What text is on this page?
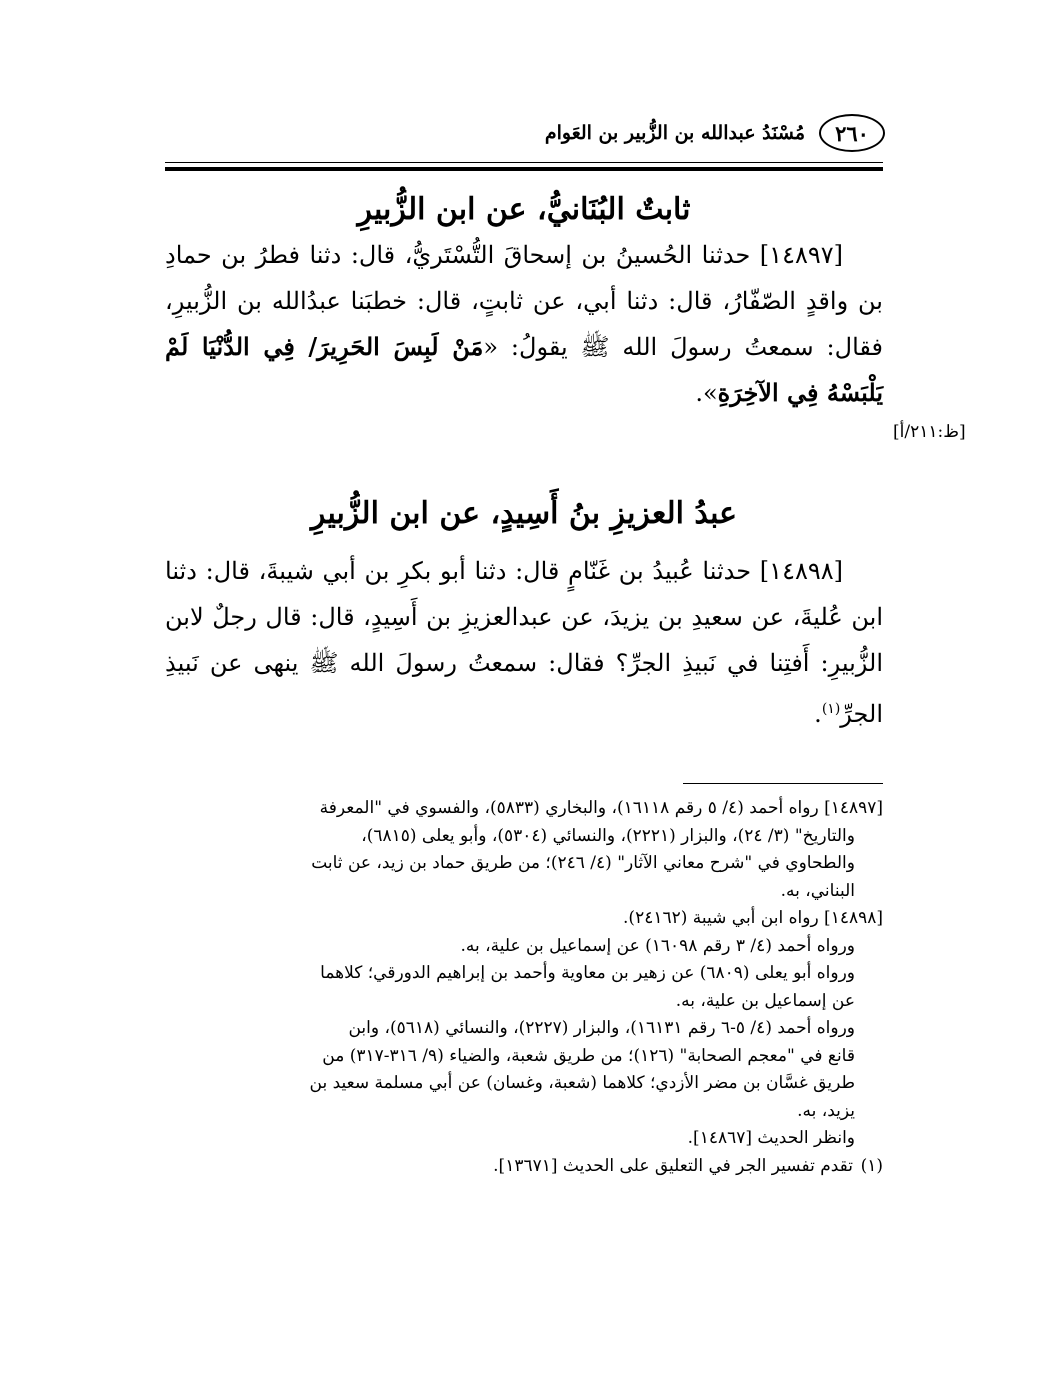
٢٦٠
مُسْنَدُ عبدالله بن الزُّبير بن العَوام
ثابتٌ البُنَانيُّ، عن ابن الزُّبيرِ

[١٤٨٩٧] حدثنا الحُسينُ بن إسحاقَ التُّسْتَريُّ، قال: دثنا فطرُ بن حمادِ بن واقدٍ الصّفّارُ، قال: دثنا أبي، عن ثابتٍ، قال: خطبَنا عبدُالله بن الزُّبيرِ، فقال: سمعتُ رسولَ الله ﷺ يقولُ: «مَنْ لَبِسَ الحَرِيرَ/ فِي الدُّنْيَا لَمْ يَلْبَسْهُ فِي الآخِرَةِ».

[ظ:٢١١/أ]
عبدُ العزيزِ بنُ أَسِيدٍ، عن ابن الزُّبيرِ

[١٤٨٩٨] حدثنا عُبيدُ بن غَنّامٍ قال: دثنا أبو بكرِ بن أبي شيبةَ، قال: دثنا ابن عُليةَ، عن سعيدِ بن يزيدَ، عن عبدالعزيزِ بن أَسِيدٍ، قال: قال رجلٌ لابن الزُّبيرِ: أَفتِنا في نَبيذِ الجرِّ؟ فقال: سمعتُ رسولَ الله ﷺ ينهى عن نَبيذِ الجرِّ$^{(١)}$.

[١٤٨٩٧] رواه أحمد (٤/ ٥ رقم ١٦١١٨)، والبخاري (٥٨٣٣)، والفسوي في "المعرفة

والتاريخ" (٣/ ٢٤)، والبزار (٢٢٢١)، والنسائي (٥٣٠٤)، وأبو يعلى (٦٨١٥)،

والطحاوي في "شرح معاني الآثار" (٤/ ٢٤٦)؛ من طريق حماد بن زيد، عن ثابت

البناني، به.

[١٤٨٩٨] رواه ابن أبي شيبة (٢٤١٦٢).

ورواه أحمد (٤/ ٣ رقم ١٦٠٩٨) عن إسماعيل بن علية، به.

ورواه أبو يعلى (٦٨٠٩) عن زهير بن معاوية وأحمد بن إبراهيم الدورقي؛ كلاهما

عن إسماعيل بن علية، به.

ورواه أحمد (٤/ ٥-٦ رقم ١٦١٣١)، والبزار (٢٢٢٧)، والنسائي (٥٦١٨)، وابن

قانع في "معجم الصحابة" (١٢٦)؛ من طريق شعبة، والضياء (٩/ ٣١٦-٣١٧) من

طريق غسَّان بن مضر الأزدي؛ كلاهما (شعبة، وغسان) عن أبي مسلمة سعيد بن

يزيد، به.

وانظر الحديث [١٤٨٦٧].

(١)تقدم تفسير الجر في التعليق على الحديث [١٣٦٧١].
